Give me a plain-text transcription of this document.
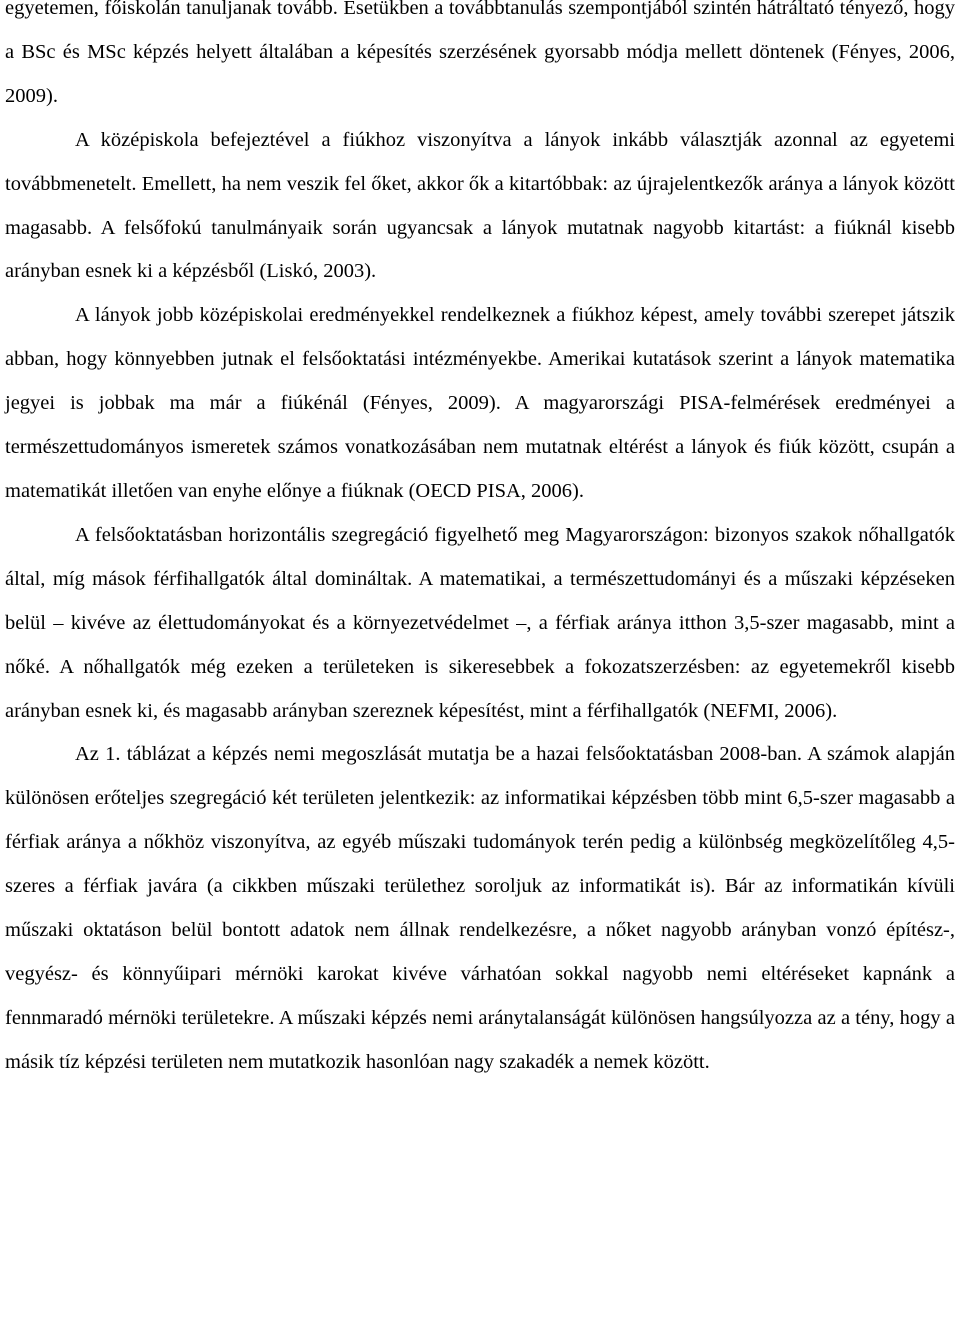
egyetemen, főiskolán tanuljanak tovább. Esetükben a továbbtanulás szempontjából szintén hátráltató tényező, hogy a BSc és MSc képzés helyett általában a képesítés szerzésének gyorsabb módja mellett döntenek (Fényes, 2006, 2009).

A középiskola befejeztével a fiúkhoz viszonyítva a lányok inkább választják azonnal az egyetemi továbbmenetelt. Emellett, ha nem veszik fel őket, akkor ők a kitartóbbak: az újrajelentkezők aránya a lányok között magasabb. A felsőfokú tanulmányaik során ugyancsak a lányok mutatnak nagyobb kitartást: a fiúknál kisebb arányban esnek ki a képzésből (Liskó, 2003).

A lányok jobb középiskolai eredményekkel rendelkeznek a fiúkhoz képest, amely további szerepet játszik abban, hogy könnyebben jutnak el felsőoktatási intézményekbe. Amerikai kutatások szerint a lányok matematika jegyei is jobbak ma már a fiúkénál (Fényes, 2009). A magyarországi PISA-felmérések eredményei a természettudományos ismeretek számos vonatkozásában nem mutatnak eltérést a lányok és fiúk között, csupán a matematikát illetően van enyhe előnye a fiúknak (OECD PISA, 2006).

A felsőoktatásban horizontális szegregáció figyelhető meg Magyarországon: bizonyos szakok nőhallgatók által, míg mások férfihallgatók által domináltak. A matematikai, a természettudományi és a műszaki képzéseken belül – kivéve az élettudományokat és a környezetvédelmet –, a férfiak aránya itthon 3,5-szer magasabb, mint a nőké. A nőhallgatók még ezeken a területeken is sikeresebbek a fokozatszerzésben: az egyetemekről kisebb arányban esnek ki, és magasabb arányban szereznek képesítést, mint a férfihallgatók (NEFMI, 2006).

Az 1. táblázat a képzés nemi megoszlását mutatja be a hazai felsőoktatásban 2008-ban. A számok alapján különösen erőteljes szegregáció két területen jelentkezik: az informatikai képzésben több mint 6,5-szer magasabb a férfiak aránya a nőkhöz viszonyítva, az egyéb műszaki tudományok terén pedig a különbség megközelítőleg 4,5-szeres a férfiak javára (a cikkben műszaki területhez soroljuk az informatikát is). Bár az informatikán kívüli műszaki oktatáson belül bontott adatok nem állnak rendelkezésre, a nőket nagyobb arányban vonzó építész-, vegyész- és könnyűipari mérnöki karokat kivéve várhatóan sokkal nagyobb nemi eltéréseket kapnánk a fennmaradó mérnöki területekre. A műszaki képzés nemi aránytalanságát különösen hangsúlyozza az a tény, hogy a másik tíz képzési területen nem mutatkozik hasonlóan nagy szakadék a nemek között.
